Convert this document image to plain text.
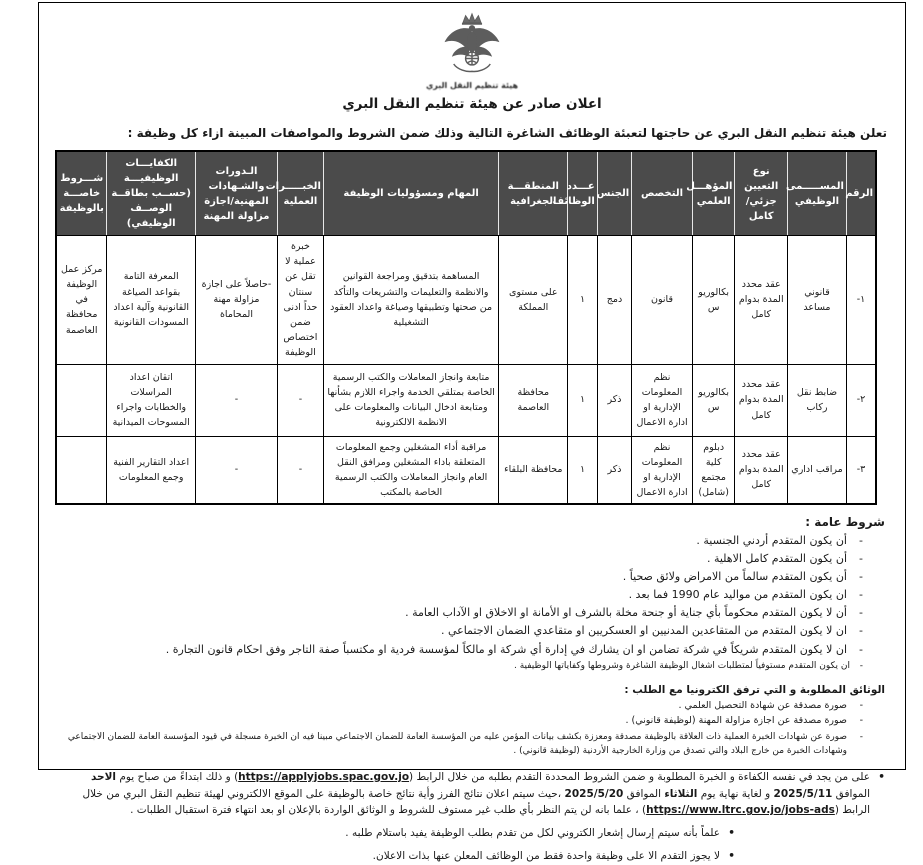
هيئة تنظيم النقل البري
اعلان صادر عن هيئة تنظيم النقل البري
تعلن هيئة تنظيم النقل البري عن حاجتها لتعبئة الوظائف الشاغرة التالية وذلك ضمن الشروط والمواصفات المبينة ازاء كل وظيفة :
الرقم	المســـــمى الوظيفي	نوع التعيين جزئي/كامل	المؤهـــل العلمي	التخصص	الجنس	عـــدد الوظائف	المنطقـــة الجغرافية	المهام ومسؤوليات الوظيفة	الخبـــــرات العملية	الـدورات والشـهادات المهنية/اجازة مزاولة المهنة	الكفايـــات الوظيفيـــة (حســب بطاقــة الوصــف الوظيفي)	شـــروط خاصـــة بالوظيفة
١-	قانوني مساعد	عقد محدد المدة بدوام كامل	بكالوريوس	قانون	دمج	١	على مستوى المملكة	المساهمة بتدقيق ومراجعة القوانين والانظمة والتعليمات والتشريعات والتأكد من صحتها وتطبيقها وصياغة واعداد العقود التشغيلية	خبرة عملية لا تقل عن سنتان حداً ادنى ضمن اختصاص الوظيفة	-حاصلاً على اجازة مزاولة مهنة المحاماة	المعرفة التامة بقواعد الصياغة القانونية وآلية اعداد المسودات القانونية	مركز عمل الوظيفة في محافظة العاصمة
٢-	ضابط نقل ركاب	عقد محدد المدة بدوام كامل	بكالوريوس	نظم المعلومات الإدارية او ادارة الاعمال	ذكر	١	محافظة العاصمة	متابعة وانجاز المعاملات والكتب الرسمية الخاصة بمتلقي الخدمة واجراء اللازم بشأنها ومتابعة ادخال البيانات والمعلومات على الانظمة الالكترونية	-	-	اتقان اعداد المراسلات والخطابات واجراء المسوحات الميدانية	
٣-	مراقب اداري	عقد محدد المدة بدوام كامل	دبلوم كلية مجتمع (شامل)	نظم المعلومات الإدارية او ادارة الاعمال	ذكر	١	محافظة البلقاء	مراقبة أداء المشغلين وجمع المعلومات المتعلقة باداء المشغلين ومرافق النقل العام وانجاز المعاملات والكتب الرسمية الخاصة بالمكتب	-	-	اعداد التقارير الفنية وجمع المعلومات	
شروط عامة :
- أن يكون المتقدم أردني الجنسية .
- أن يكون المتقدم كامل الاهلية .
- أن يكون المتقدم سالماً من الامراض ولائق صحياً .
- ان يكون المتقدم من مواليد عام 1990 فما بعد .
- أن لا يكون المتقدم محكوماً بأي جناية أو جنحة مخلة بالشرف او الأمانة او الاخلاق او الآداب العامة .
- ان لا يكون المتقدم من المتقاعدين المدنيين او العسكريين او متقاعدي الضمان الاجتماعي .
- ان لا يكون المتقدم شريكاً في شركة تضامن او ان يشارك في إدارة أي شركة او مالكاً لمؤسسة فردية او مكتسباً صفة التاجر وفق احكام قانون التجارة .
- ان يكون المتقدم مستوفياً لمتطلبات اشغال الوظيفة الشاغرة وشروطها وكفاياتها الوظيفية .
الوثائق المطلوبة و التي ترفق الكترونيا مع الطلب :
- صورة مصدقة عن شهادة التحصيل العلمي .
- صورة مصدقة عن اجازة مزاولة المهنة (لوظيفة قانوني) .
- صورة عن شهادات الخبرة العملية ذات العلاقة بالوظيفة مصدقة ومعززة بكشف بيانات المؤمن عليه من المؤسسة العامة للضمان الاجتماعي مبينا فيه ان الخبرة مسجلة في قيود المؤسسة العامة للضمان الاجتماعي وشهادات الخبرة من خارج البلاد والتي تصدق من وزارة الخارجية الأردنية (لوظيفة قانوني) .
• على من يجد في نفسه الكفاءة و الخبرة المطلوبة و ضمن الشروط المحددة التقدم بطلبه من خلال الرابط (https://applyjobs.spac.gov.jo) و ذلك ابتداءً من صباح يوم الاحد الموافق 2025/5/11 و لغاية نهاية يوم الثلاثاء الموافق 2025/5/20 ،حيث سيتم اعلان نتائج الفرز وأية نتائج خاصة بالوظيفة على الموقع الالكتروني لهيئة تنظيم النقل البري من خلال الرابط (https://www.ltrc.gov.jo/jobs-ads) ، علما بانه لن يتم النظر بأي طلب غير مستوف للشروط و الوثائق الواردة بالإعلان او بعد انتهاء فترة استقبال الطلبات .
• علماً بأنه سيتم إرسال إشعار الكتروني لكل من تقدم بطلب الوظيفة يفيد باستلام طلبه .
• لا يجوز التقدم الا على وظيفة واحدة فقط من الوظائف المعلن عنها بذات الاعلان.
